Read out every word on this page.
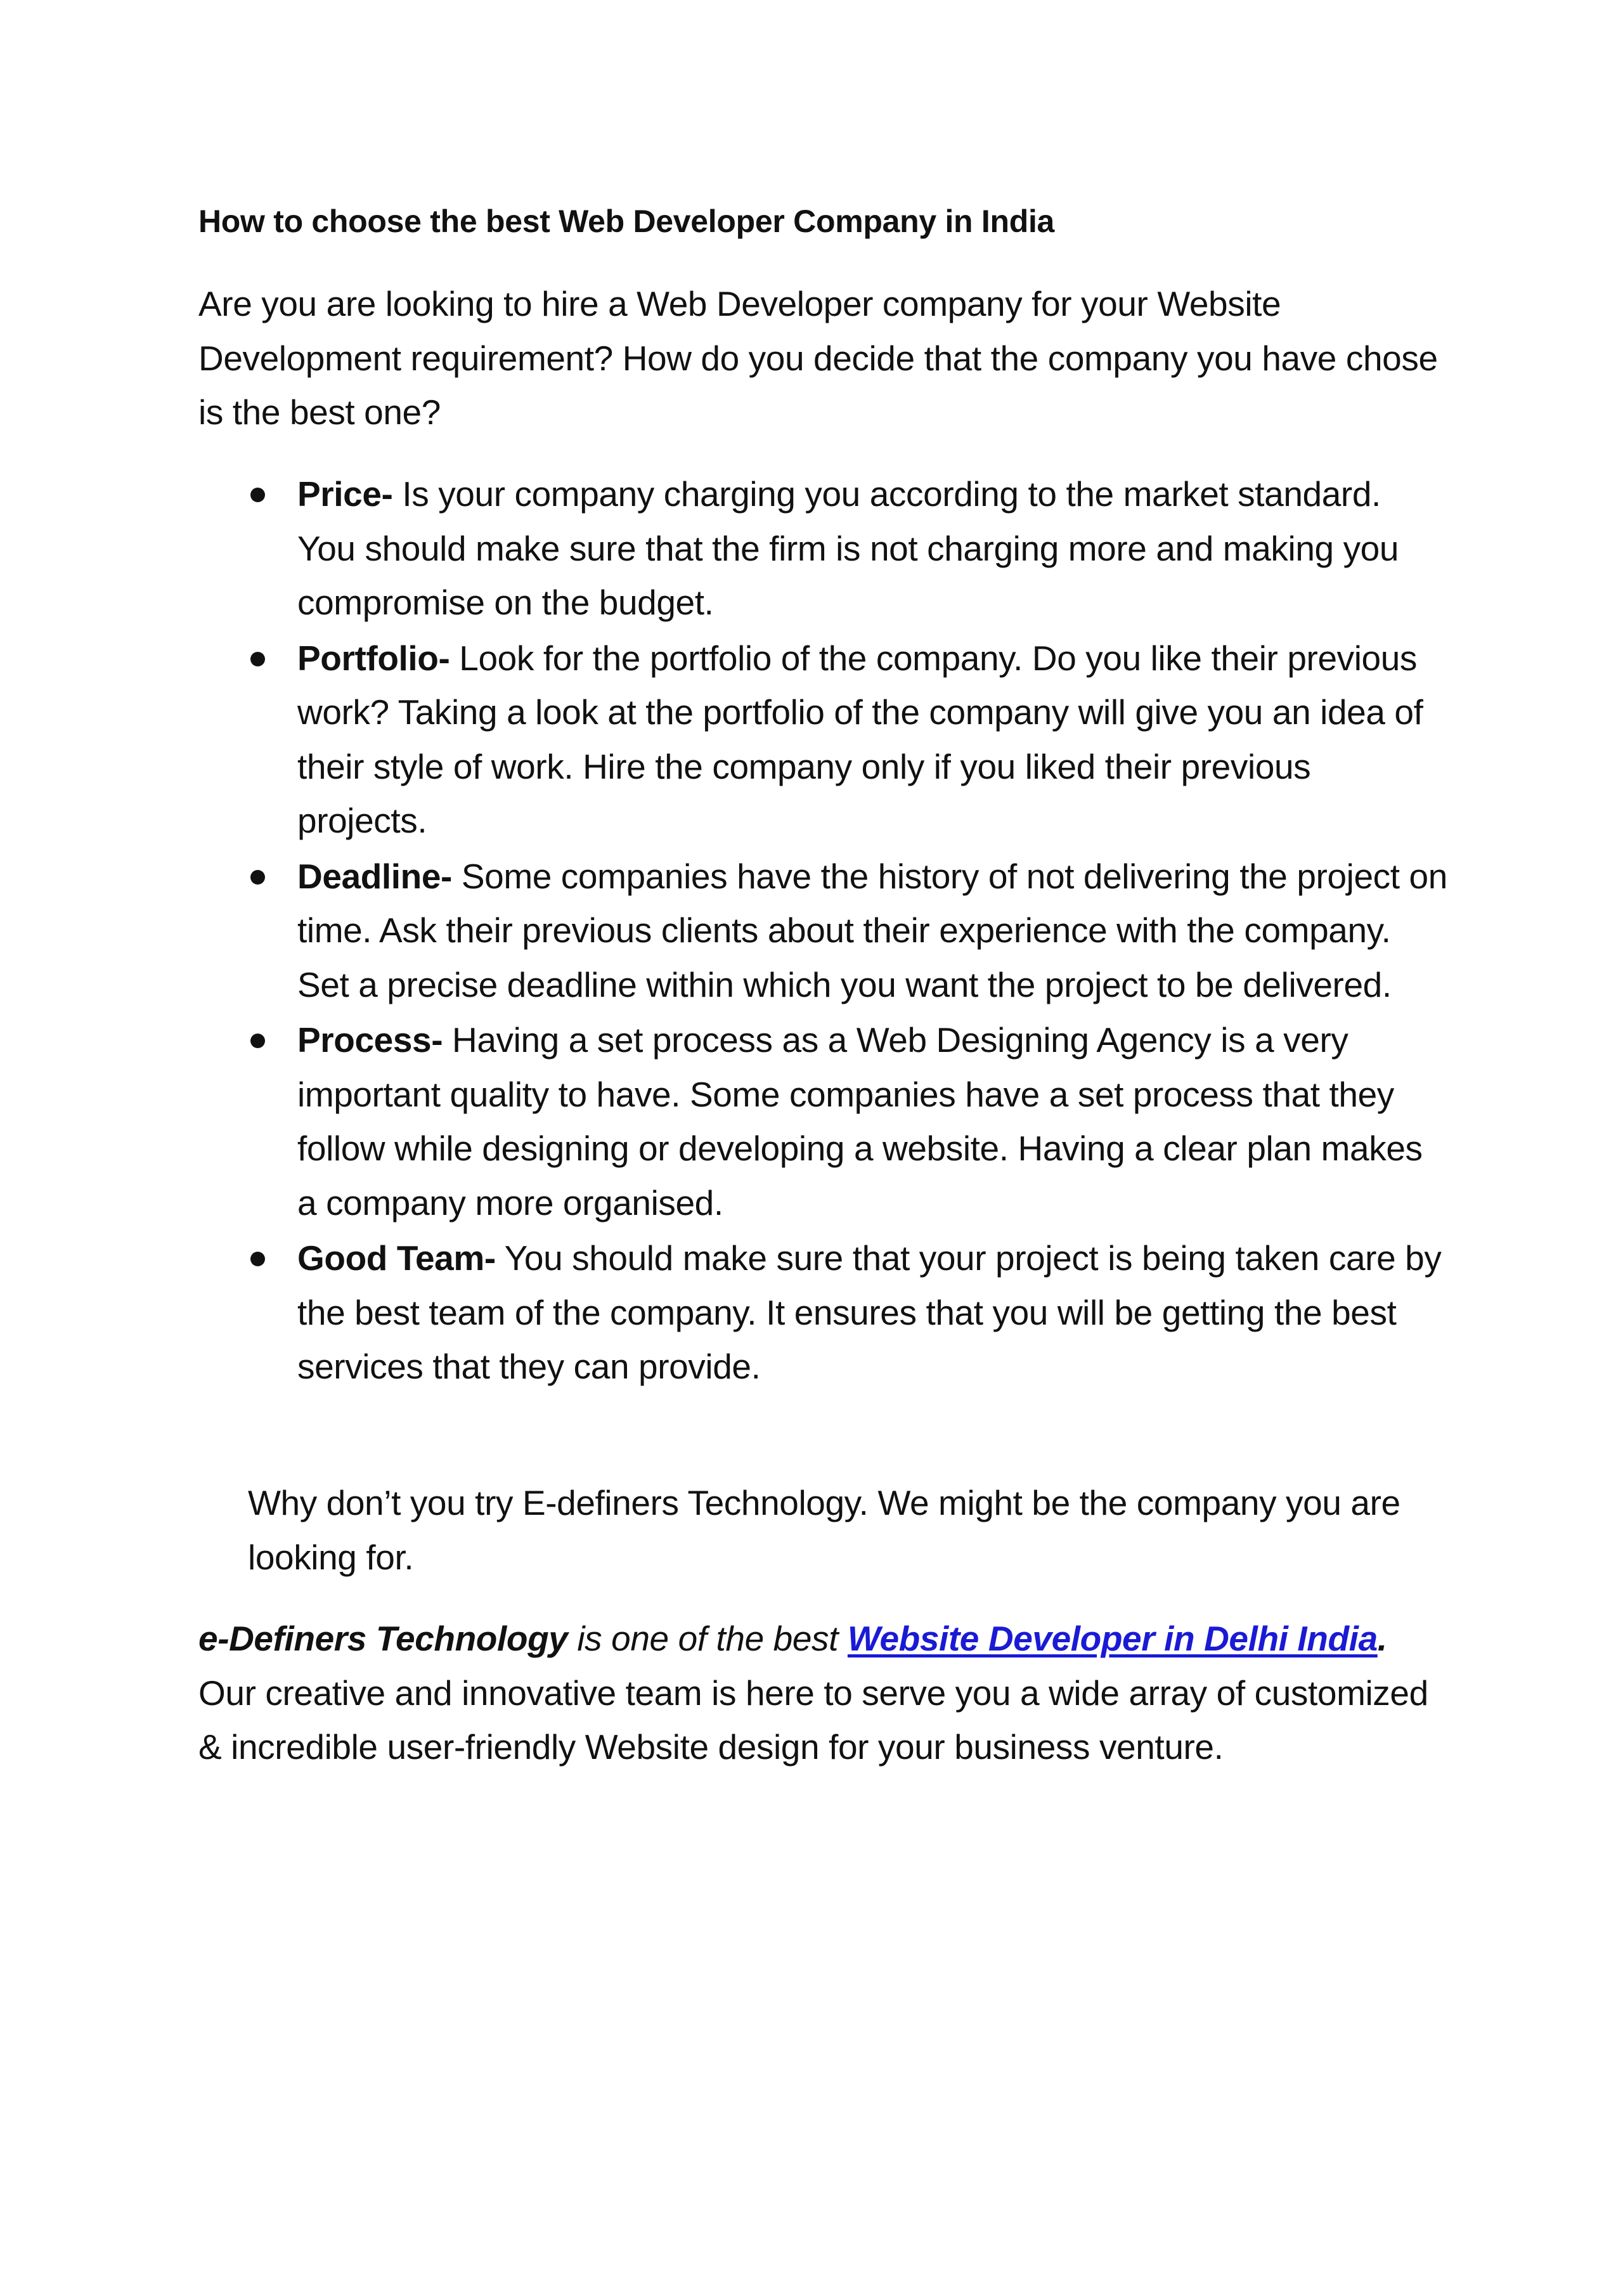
How to choose the best Web Developer Company in India

Are you are looking to hire a Web Developer company for your Website Development requirement? How do you decide that the company you have chose is the best one?

Price- Is your company charging you according to the market standard. You should make sure that the firm is not charging more and making you compromise on the budget.
Portfolio- Look for the portfolio of the company. Do you like their previous work? Taking a look at the portfolio of the company will give you an idea of their style of work. Hire the company only if you liked their previous projects.
Deadline- Some companies have the history of not delivering the project on time. Ask their previous clients about their experience with the company. Set a precise deadline within which you want the project to be delivered.
Process- Having a set process as a Web Designing Agency is a very important quality to have. Some companies have a set process that they follow while designing or developing a website. Having a clear plan makes a company more organised.
Good Team- You should make sure that your project is being taken care by the best team of the company. It ensures that you will be getting the best services that they can provide.

Why don’t you try E-definers Technology. We might be the company you are looking for.

e-Definers Technology is one of the best Website Developer in Delhi India. Our creative and innovative team is here to serve you a wide array of customized & incredible user-friendly Website design for your business venture.
